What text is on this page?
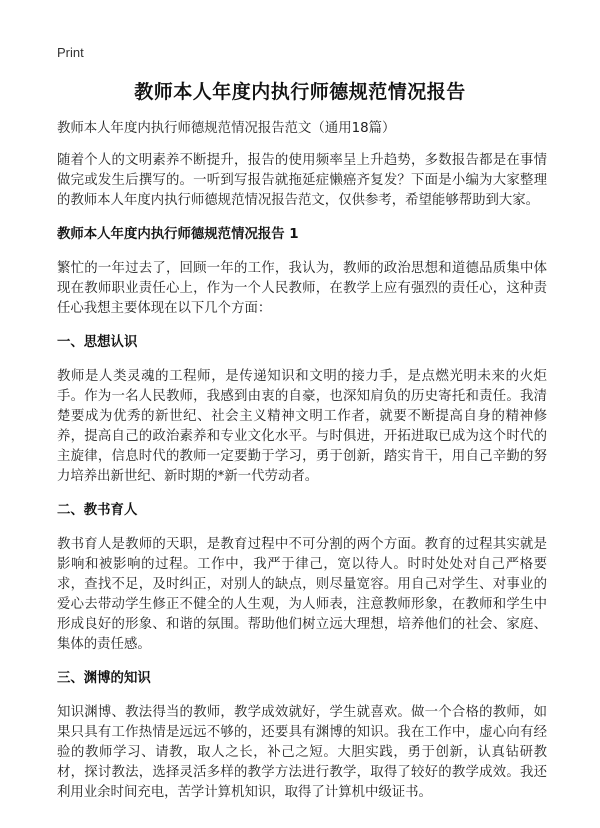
Print
教师本人年度内执行师德规范情况报告
教师本人年度内执行师德规范情况报告范文（通用18篇）

随着个人的文明素养不断提升，报告的使用频率呈上升趋势，多数报告都是在事情做完或发生后撰写的。一听到写报告就拖延症懒癌齐复发？下面是小编为大家整理的教师本人年度内执行师德规范情况报告范文，仅供参考，希望能够帮助到大家。

教师本人年度内执行师德规范情况报告 1

繁忙的一年过去了，回顾一年的工作，我认为，教师的政治思想和道德品质集中体现在教师职业责任心上，作为一个人民教师，在教学上应有强烈的责任心，这种责任心我想主要体现在以下几个方面：

一、思想认识

教师是人类灵魂的工程师，是传递知识和文明的接力手，是点燃光明未来的火炬手。作为一名人民教师，我感到由衷的自豪，也深知肩负的历史寄托和责任。我清楚要成为优秀的新世纪、社会主义精神文明工作者，就要不断提高自身的精神修养，提高自己的政治素养和专业文化水平。与时俱进，开拓进取已成为这个时代的主旋律，信息时代的教师一定要勤于学习，勇于创新，踏实肯干，用自己辛勤的努力培养出新世纪、新时期的*新一代劳动者。

二、教书育人

教书育人是教师的天职，是教育过程中不可分割的两个方面。教育的过程其实就是影响和被影响的过程。工作中，我严于律己，宽以待人。时时处处对自己严格要求，查找不足，及时纠正，对别人的缺点，则尽量宽容。用自己对学生、对事业的爱心去带动学生修正不健全的人生观，为人师表，注意教师形象，在教师和学生中形成良好的形象、和谐的氛围。帮助他们树立远大理想，培养他们的社会、家庭、集体的责任感。

三、渊博的知识

知识渊博、教法得当的教师，教学成效就好，学生就喜欢。做一个合格的教师，如果只具有工作热情是远远不够的，还要具有渊博的知识。我在工作中，虚心向有经验的教师学习、请教，取人之长，补己之短。大胆实践，勇于创新，认真钻研教材，探讨教法，选择灵活多样的教学方法进行教学，取得了较好的教学成效。我还利用业余时间充电，苦学计算机知识，取得了计算机中级证书。
